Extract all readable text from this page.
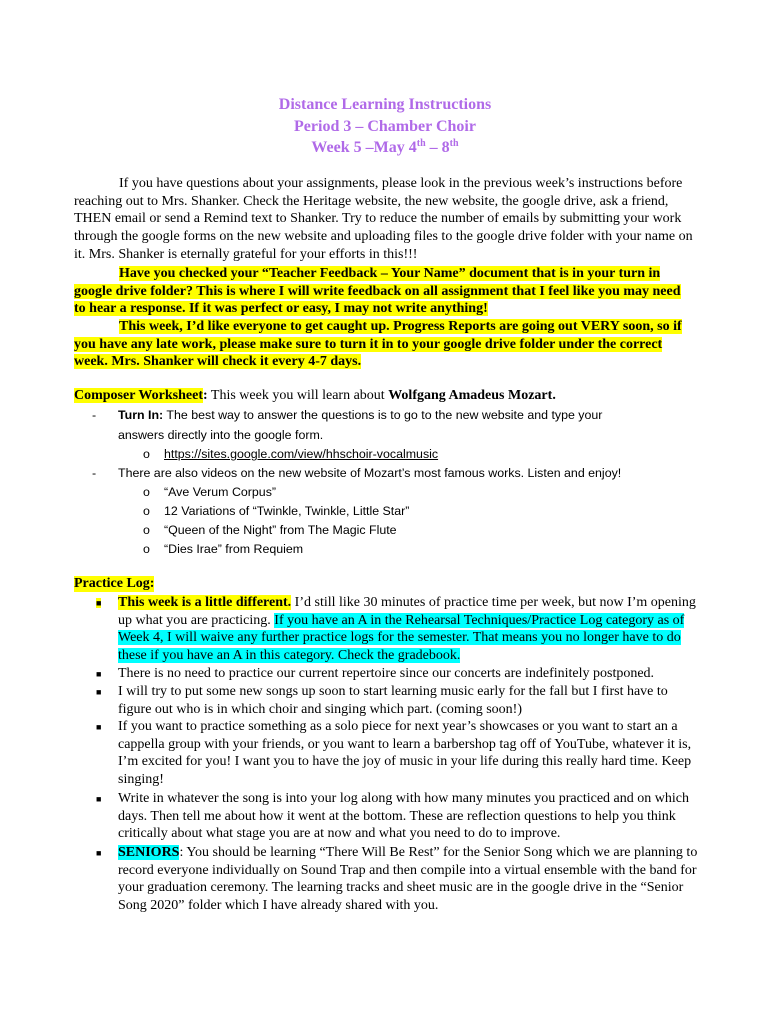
Distance Learning Instructions
Period 3 – Chamber Choir
Week 5 –May 4th – 8th
If you have questions about your assignments, please look in the previous week’s instructions before reaching out to Mrs. Shanker. Check the Heritage website, the new website, the google drive, ask a friend, THEN email or send a Remind text to Shanker. Try to reduce the number of emails by submitting your work through the google forms on the new website and uploading files to the google drive folder with your name on it. Mrs. Shanker is eternally grateful for your efforts in this!!!
Have you checked your “Teacher Feedback – Your Name” document that is in your turn in google drive folder? This is where I will write feedback on all assignment that I feel like you may need to hear a response. If it was perfect or easy, I may not write anything!
This week, I’d like everyone to get caught up. Progress Reports are going out VERY soon, so if you have any late work, please make sure to turn it in to your google drive folder under the correct week. Mrs. Shanker will check it every 4-7 days.
Composer Worksheet: This week you will learn about Wolfgang Amadeus Mozart.
- Turn In: The best way to answer the questions is to go to the new website and type your
answers directly into the google form.
o https://sites.google.com/view/hhschoir-vocalmusic
- There are also videos on the new website of Mozart’s most famous works. Listen and enjoy!
o “Ave Verum Corpus”
o 12 Variations of “Twinkle, Twinkle, Little Star”
o “Queen of the Night” from The Magic Flute
o “Dies Irae” from Requiem
Practice Log:
■ This week is a little different. I’d still like 30 minutes of practice time per week, but now I’m opening up what you are practicing. If you have an A in the Rehearsal Techniques/Practice Log category as of Week 4, I will waive any further practice logs for the semester. That means you no longer have to do these if you have an A in this category. Check the gradebook.
■ There is no need to practice our current repertoire since our concerts are indefinitely postponed.
■ I will try to put some new songs up soon to start learning music early for the fall but I first have to figure out who is in which choir and singing which part. (coming soon!)
■ If you want to practice something as a solo piece for next year’s showcases or you want to start an a cappella group with your friends, or you want to learn a barbershop tag off of YouTube, whatever it is, I’m excited for you! I want you to have the joy of music in your life during this really hard time. Keep singing!
■ Write in whatever the song is into your log along with how many minutes you practiced and on which days. Then tell me about how it went at the bottom. These are reflection questions to help you think critically about what stage you are at now and what you need to do to improve.
■ SENIORS: You should be learning “There Will Be Rest” for the Senior Song which we are planning to record everyone individually on Sound Trap and then compile into a virtual ensemble with the band for your graduation ceremony. The learning tracks and sheet music are in the google drive in the “Senior Song 2020” folder which I have already shared with you.
